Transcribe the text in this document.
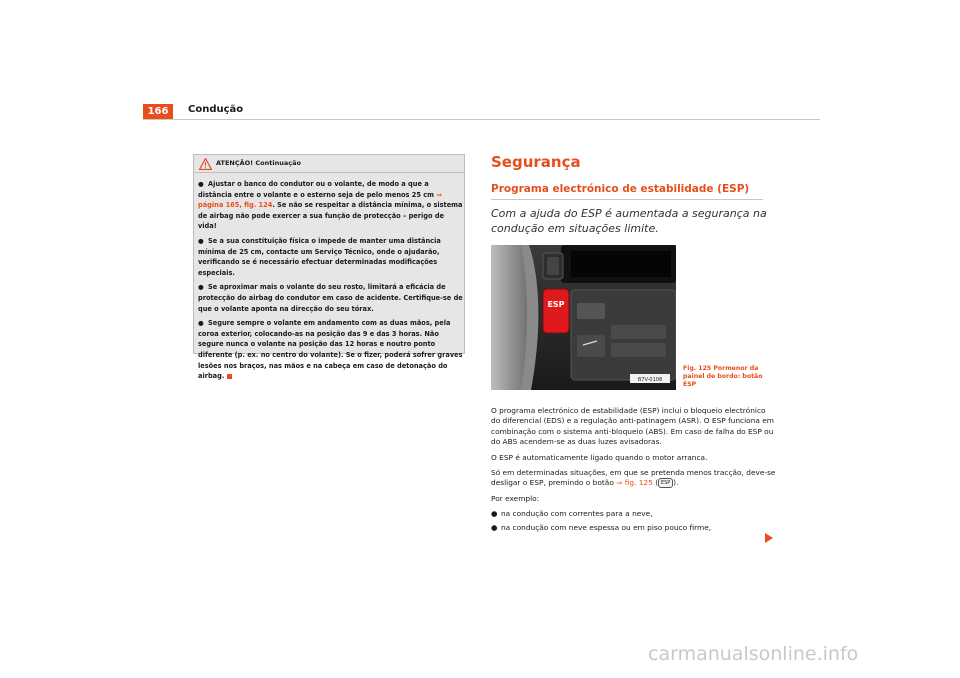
166	Condução
ATENÇÃO! Continuação
● Ajustar o banco do condutor ou o volante, de modo a que a distância entre o volante e o esterno seja de pelo menos 25 cm ⇒ página 165, fig. 124. Se não se respeitar a distância mínima, o sistema de airbag não pode exercer a sua função de protecção – perigo de vida!
● Se a sua constituição física o impede de manter uma distância mínima de 25 cm, contacte um Serviço Técnico, onde o ajudarão, verificando se é necessário efectuar determinadas modificações especiais.
● Se aproximar mais o volante do seu rosto, limitará a eficácia de protecção do airbag do condutor em caso de acidente. Certifique-se de que o volante aponta na direcção do seu tórax.
● Segure sempre o volante em andamento com as duas mãos, pela coroa exterior, colocando-as na posição das 9 e das 3 horas. Não segure nunca o volante na posição das 12 horas e noutro ponto diferente (p. ex. no centro do volante). Se o fizer, poderá sofrer graves lesões nos braços, nas mãos e na cabeça em caso de detonação do airbag.
Segurança
Programa electrónico de estabilidade (ESP)
Com a ajuda do ESP é aumentada a segurança na condução em situações limite.
ESP
B7V-0108
Fig. 125 Pormenor da painel de bordo: botão ESP

O programa electrónico de estabilidade (ESP) inclui o bloqueio electrónico do diferencial (EDS) e a regulação anti-patinagem (ASR). O ESP funciona em combinação com o sistema anti-bloqueio (ABS). Em caso de falha do ESP ou do ABS acendem-se as duas luzes avisadoras.

O ESP é automaticamente ligado quando o motor arranca.

Só em determinadas situações, em que se pretenda menos tracção, deve-se desligar o ESP, premindo o botão ⇒ fig. 125 ( ESP ).

Por exemplo:

● na condução com correntes para a neve,
● na condução com neve espessa ou em piso pouco firme,
carmanualsonline.info
